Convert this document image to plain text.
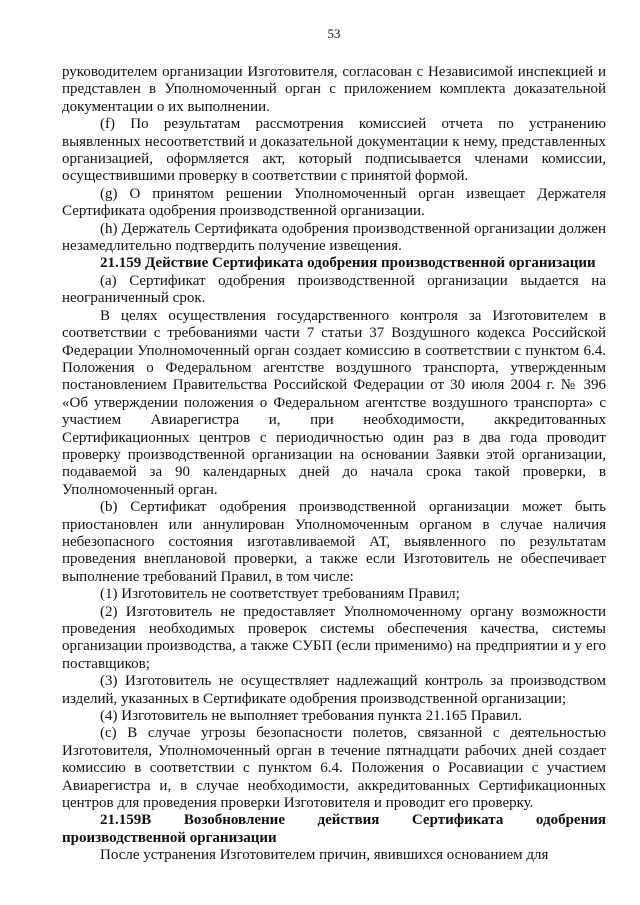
53

руководителем организации Изготовителя, согласован с Независимой инспекцией и представлен в Уполномоченный орган с приложением комплекта доказательной документации о их выполнении.

(f) По результатам рассмотрения комиссией отчета по устранению выявленных несоответствий и доказательной документации к нему, представленных организацией, оформляется акт, который подписывается членами комиссии, осуществившими проверку в соответствии с принятой формой.

(g) О принятом решении Уполномоченный орган извещает Держателя Сертификата одобрения производственной организации.

(h) Держатель Сертификата одобрения производственной организации должен незамедлительно подтвердить получение извещения.

21.159 Действие Сертификата одобрения производственной организации

(a) Сертификат одобрения производственной организации выдается на неограниченный срок.

В целях осуществления государственного контроля за Изготовителем в соответствии с требованиями части 7 статьи 37 Воздушного кодекса Российской Федерации Уполномоченный орган создает комиссию в соответствии с пунктом 6.4. Положения о Федеральном агентстве воздушного транспорта, утвержденным постановлением Правительства Российской Федерации от 30 июля 2004 г. № 396 «Об утверждении положения о Федеральном агентстве воздушного транспорта» с участием Авиарегистра и, при необходимости, аккредитованных Сертификационных центров с периодичностью один раз в два года проводит проверку производственной организации на основании Заявки этой организации, подаваемой за 90 календарных дней до начала срока такой проверки, в Уполномоченный орган.

(b) Сертификат одобрения производственной организации может быть приостановлен или аннулирован Уполномоченным органом в случае наличия небезопасного состояния изготавливаемой АТ, выявленного по результатам проведения внеплановой проверки, а также если Изготовитель не обеспечивает выполнение требований Правил, в том числе:

(1) Изготовитель не соответствует требованиям Правил;

(2) Изготовитель не предоставляет Уполномоченному органу возможности проведения необходимых проверок системы обеспечения качества, системы организации производства, а также СУБП (если применимо) на предприятии и у его поставщиков;

(3) Изготовитель не осуществляет надлежащий контроль за производством изделий, указанных в Сертификате одобрения производственной организации;

(4) Изготовитель не выполняет требования пункта 21.165 Правил.

(c) В случае угрозы безопасности полетов, связанной с деятельностью Изготовителя, Уполномоченный орган в течение пятнадцати рабочих дней создает комиссию в соответствии с пунктом 6.4. Положения о Росавиации с участием Авиарегистра и, в случае необходимости, аккредитованных Сертификационных центров для проведения проверки Изготовителя и проводит его проверку.

21.159В Возобновление действия Сертификата одобрения производственной организации

После устранения Изготовителем причин, явившихся основанием для
